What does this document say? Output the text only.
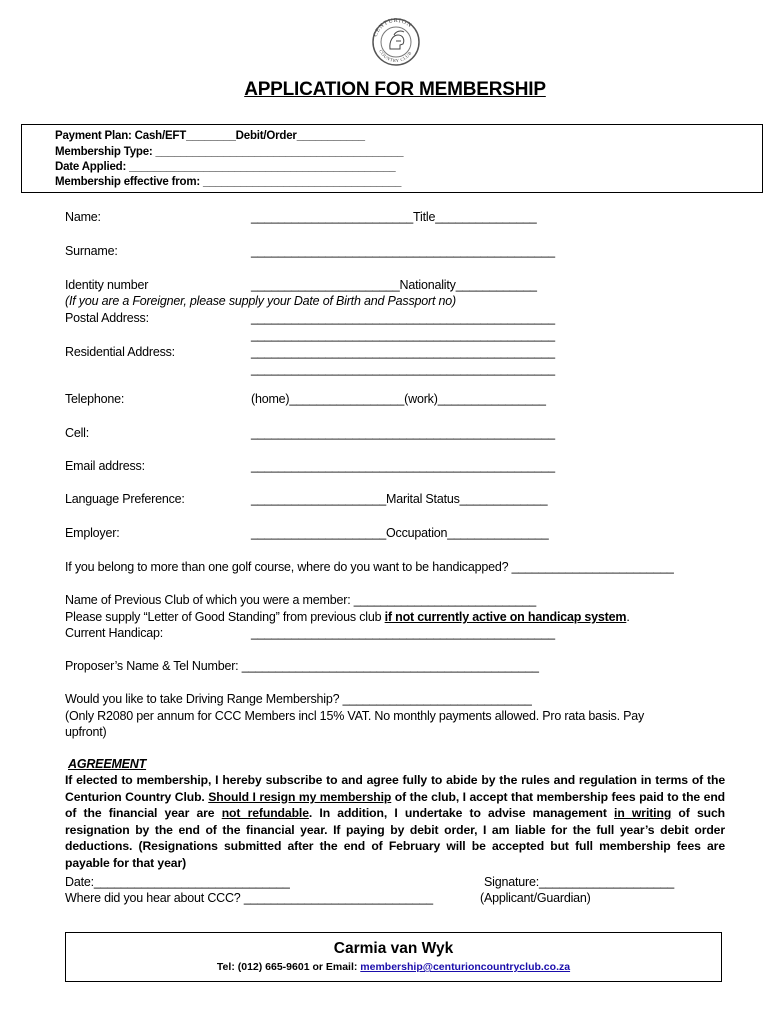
CENTURION
COUNTRY CLUB
APPLICATION FOR MEMBERSHIP
Payment Plan: Cash/EFT________Debit/Order___________
Membership Type: ________________________________________
Date Applied: ___________________________________________
Membership effective from: ________________________________
Name:	________________________Title_______________
Surname:	_____________________________________________
Identity number	______________________Nationality____________
(If you are a Foreigner, please supply your Date of Birth and Passport no)
Postal Address:	_____________________________________________
_____________________________________________
Residential Address:	_____________________________________________
_____________________________________________
Telephone:	(home)_________________(work)________________
Cell:	_____________________________________________
Email address:	_____________________________________________
Language Preference:	____________________Marital Status_____________
Employer:	____________________Occupation_______________
If you belong to more than one golf course, where do you want to be handicapped? ________________________
Name of Previous Club of which you were a member: ___________________________
Please supply “Letter of Good Standing” from previous club if not currently active on handicap system.
Current Handicap:	_____________________________________________
Proposer’s Name & Tel Number: ____________________________________________
Would you like to take Driving Range Membership? ____________________________
(Only R2080 per annum for CCC Members incl 15% VAT. No monthly payments allowed. Pro rata basis. Pay
upfront)
AGREEMENT
If elected to membership, I hereby subscribe to and agree fully to abide by the rules and regulation in terms of the Centurion Country Club. Should I resign my membership of the club, I accept that membership fees paid to the end of the financial year are not refundable. In addition, I undertake to advise management in writing of such resignation by the end of the financial year. If paying by debit order, I am liable for the full year’s debit order deductions. (Resignations submitted after the end of February will be accepted but full membership fees are payable for that year)
Date:_____________________________	Signature:____________________
Where did you hear about CCC? ____________________________	(Applicant/Guardian)
Carmia van Wyk
Tel: (012) 665-9601 or Email: membership@centurioncountryclub.co.za
